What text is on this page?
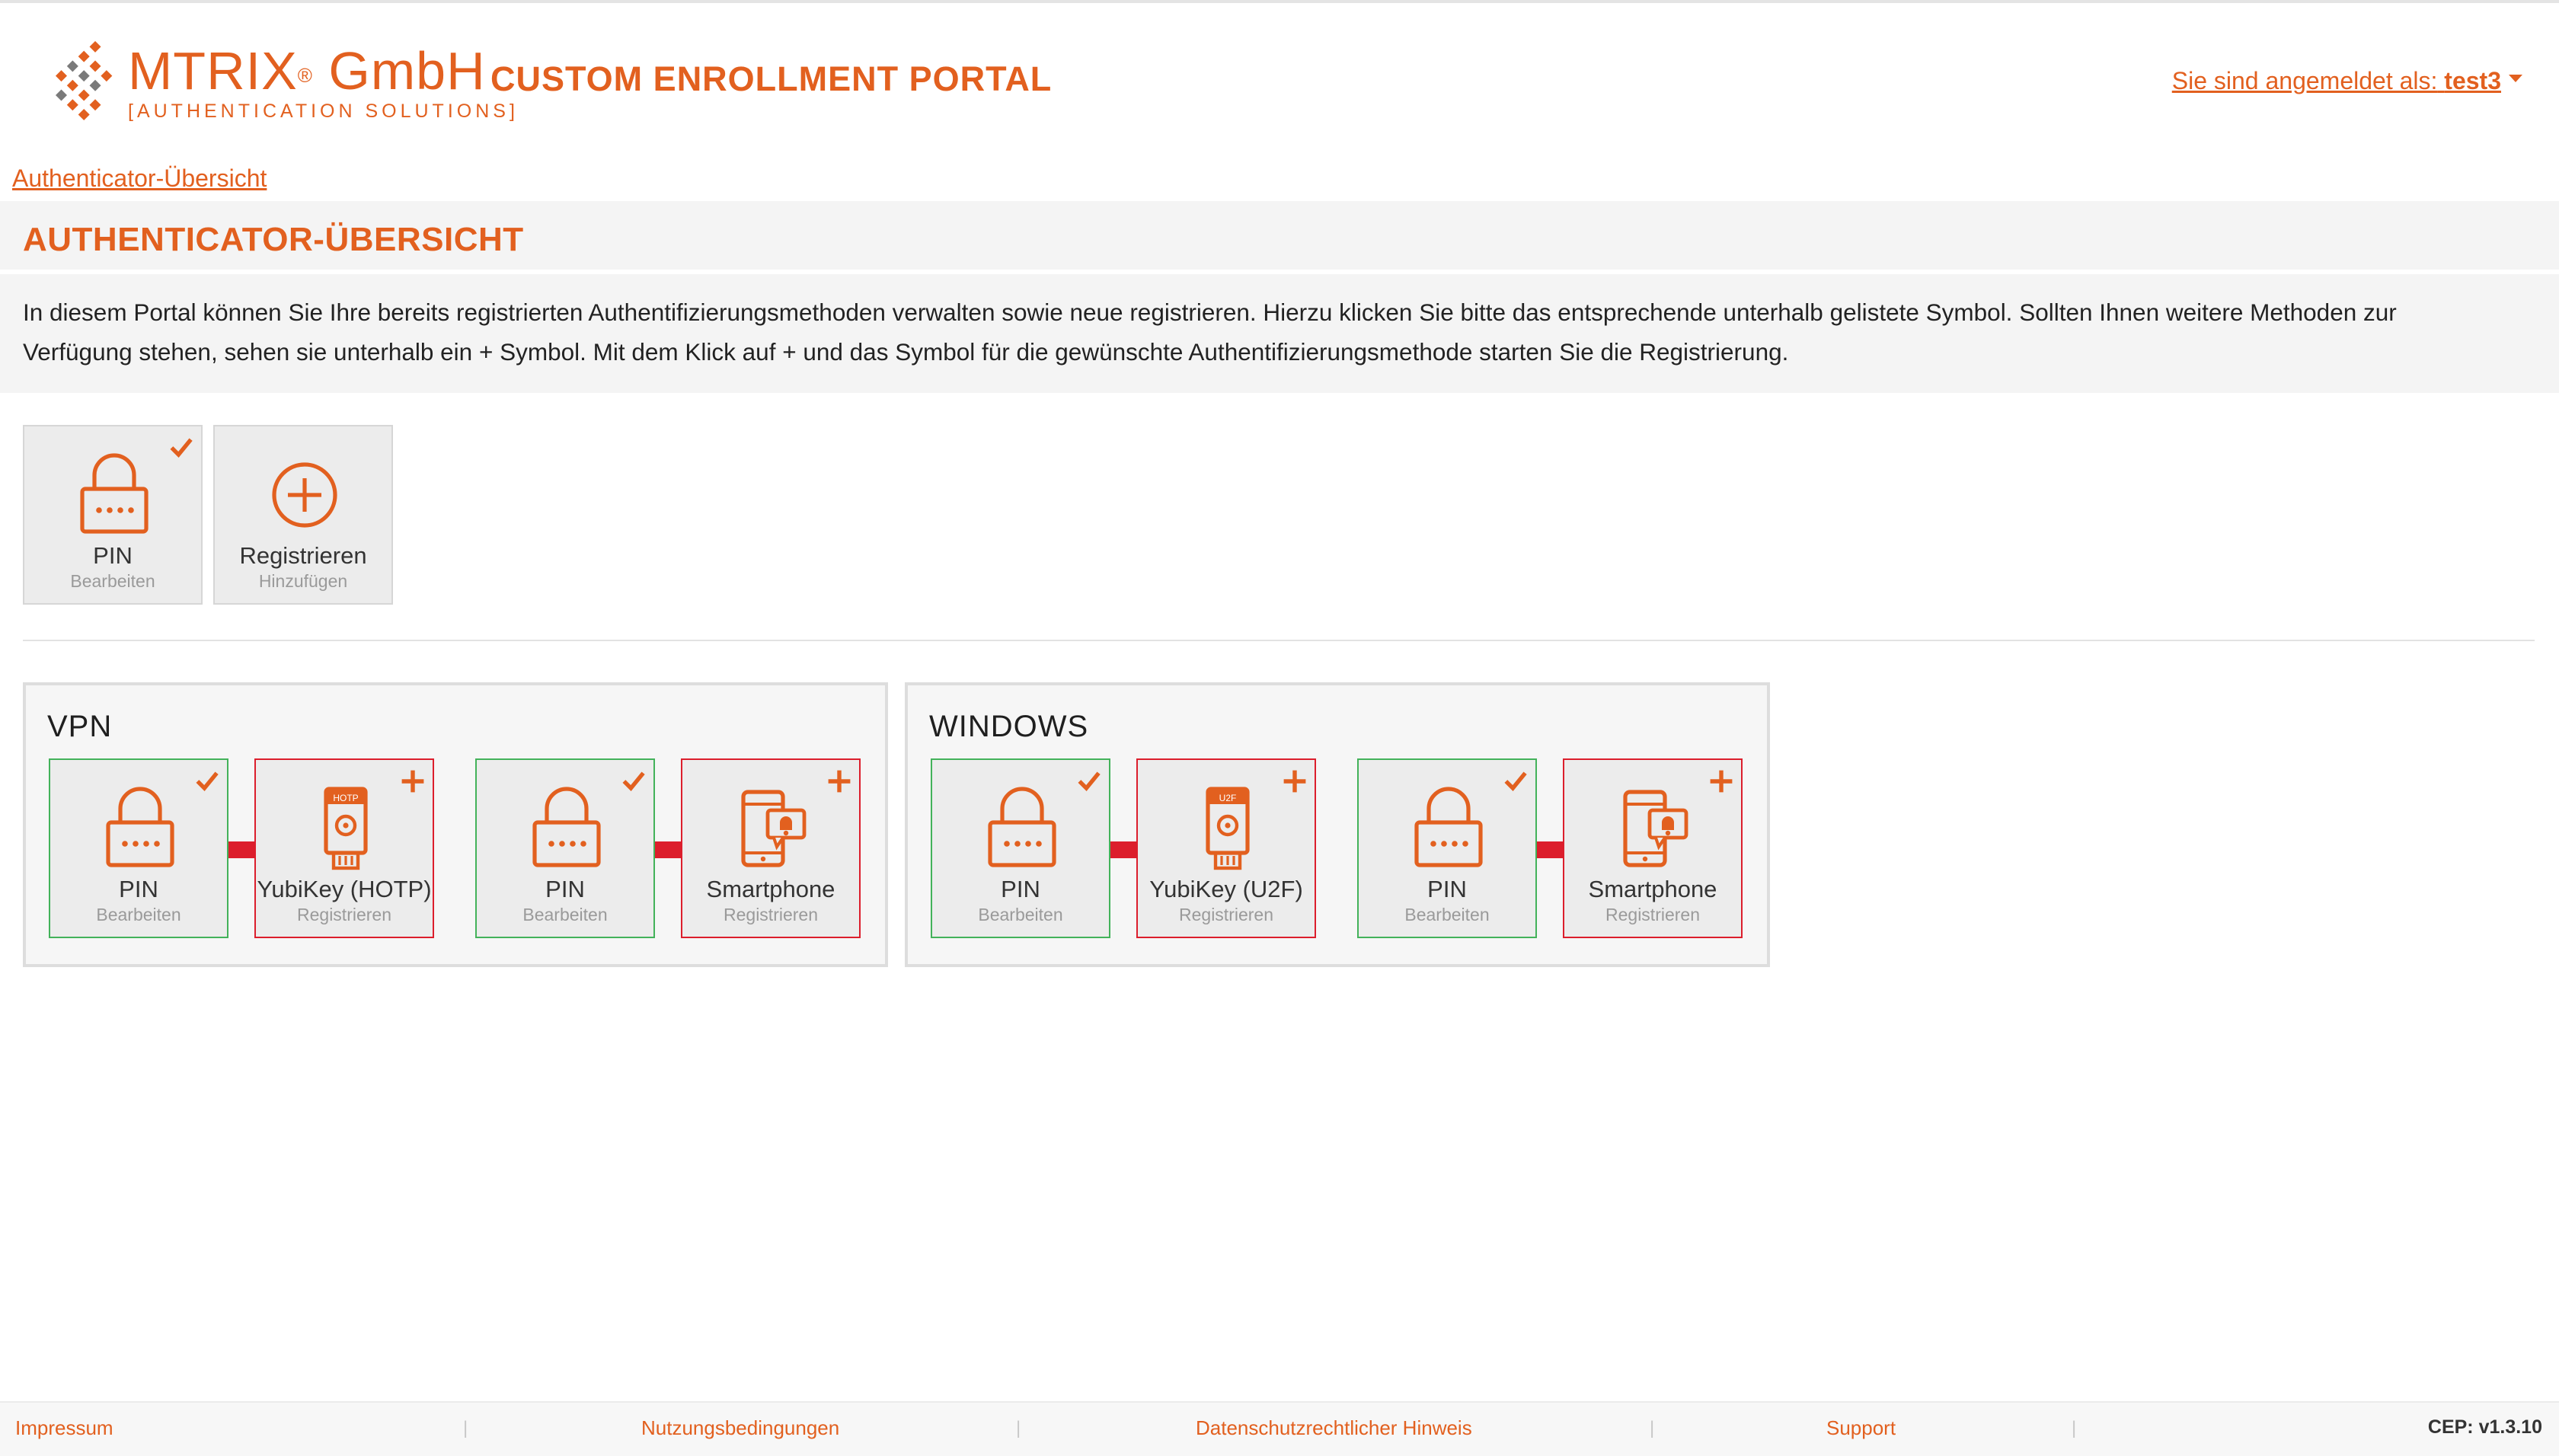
MTRIX® GmbH
[AUTHENTICATION SOLUTIONS]
CUSTOM ENROLLMENT PORTAL	Sie sind angemeldet als: test3
Authenticator-Übersicht
AUTHENTICATOR-ÜBERSICHT

In diesem Portal können Sie Ihre bereits registrierten Authentifizierungsmethoden verwalten sowie neue registrieren. Hierzu klicken Sie bitte das entsprechende unterhalb gelistete Symbol. Sollten Ihnen weitere Methoden zur Verfügung stehen, sehen sie unterhalb ein + Symbol. Mit dem Klick auf + und das Symbol für die gewünschte Authentifizierungsmethode starten Sie die Registrierung.

PIN
Bearbeiten
Registrieren
Hinzufügen
VPN
PIN
Bearbeiten
HOTP
YubiKey (HOTP)
Registrieren
PIN
Bearbeiten
Smartphone
Registrieren
WINDOWS
PIN
Bearbeiten
U2F
YubiKey (U2F)
Registrieren
PIN
Bearbeiten
Smartphone
Registrieren
Impressum	|	Nutzungsbedingungen	|	Datenschutzrechtlicher Hinweis	|	Support	|	CEP: v1.3.10
